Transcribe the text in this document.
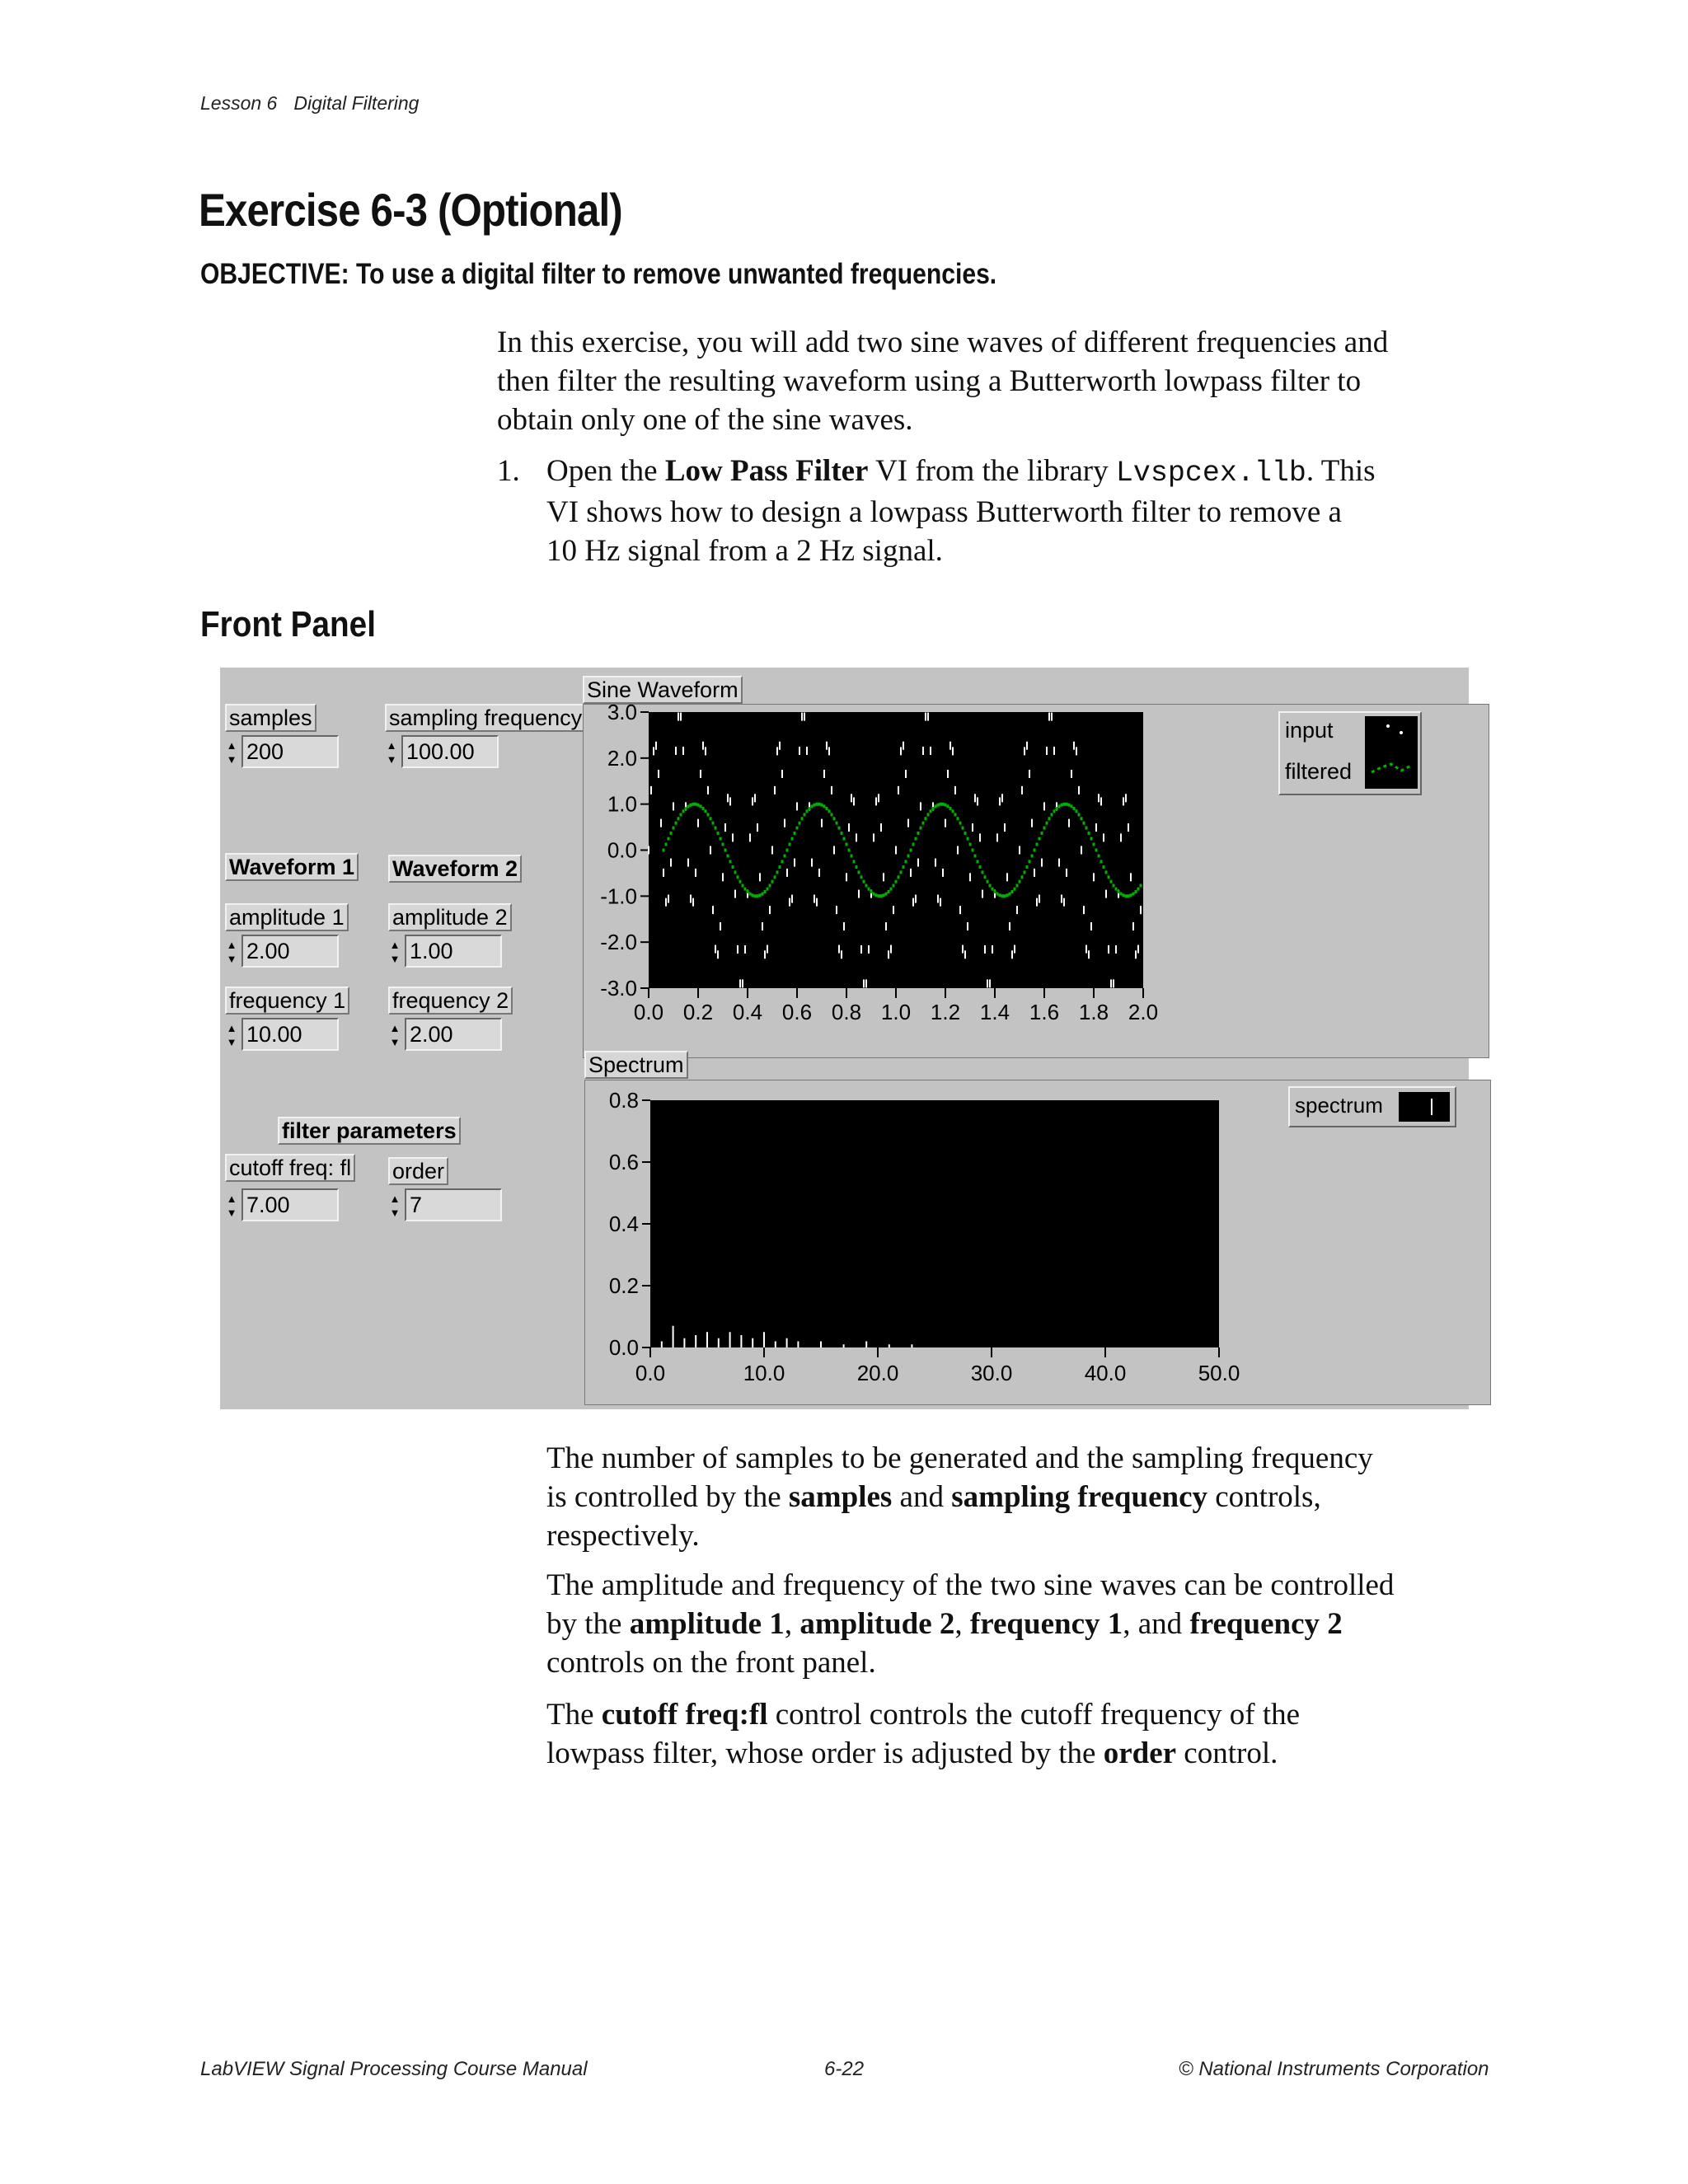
Lesson 6 Digital Filtering
Exercise 6-3 (Optional)
OBJECTIVE: To use a digital filter to remove unwanted frequencies.
In this exercise, you will add two sine waves of different frequencies and
then filter the resulting waveform using a Butterworth lowpass filter to
obtain only one of the sine waves.
1. Open the Low Pass Filter VI from the library Lvspcex.llb. This
VI shows how to design a lowpass Butterworth filter to remove a
10 Hz signal from a 2 Hz signal.
Front Panel
samples
▲
▼ 200
sampling frequency
▲
▼ 100.00
Waveform 1
amplitude 1
▲
▼ 2.00
frequency 1
▲
▼ 10.00
Waveform 2
amplitude 2
▲
▼ 1.00
frequency 2
▲
▼ 2.00
filter parameters
cutoff freq: fl
▲
▼ 7.00
order
▲
▼ 7
Sine Waveform
3.0
2.0
1.0
0.0
-1.0
-2.0
-3.0
0.0 0.2 0.4 0.6 0.8 1.0 1.2 1.4 1.6 1.8 2.0
input
filtered
Spectrum
0.8
0.6
0.4
0.2
0.0
0.0	10.0	20.0	30.0	40.0	50.0
spectrum
The number of samples to be generated and the sampling frequency
is controlled by the samples and sampling frequency controls,
respectively.
The amplitude and frequency of the two sine waves can be controlled
by the amplitude 1, amplitude 2, frequency 1, and frequency 2
controls on the front panel.
The cutoff freq:fl control controls the cutoff frequency of the
lowpass filter, whose order is adjusted by the order control.
LabVIEW Signal Processing Course Manual	6-22	© National Instruments Corporation
